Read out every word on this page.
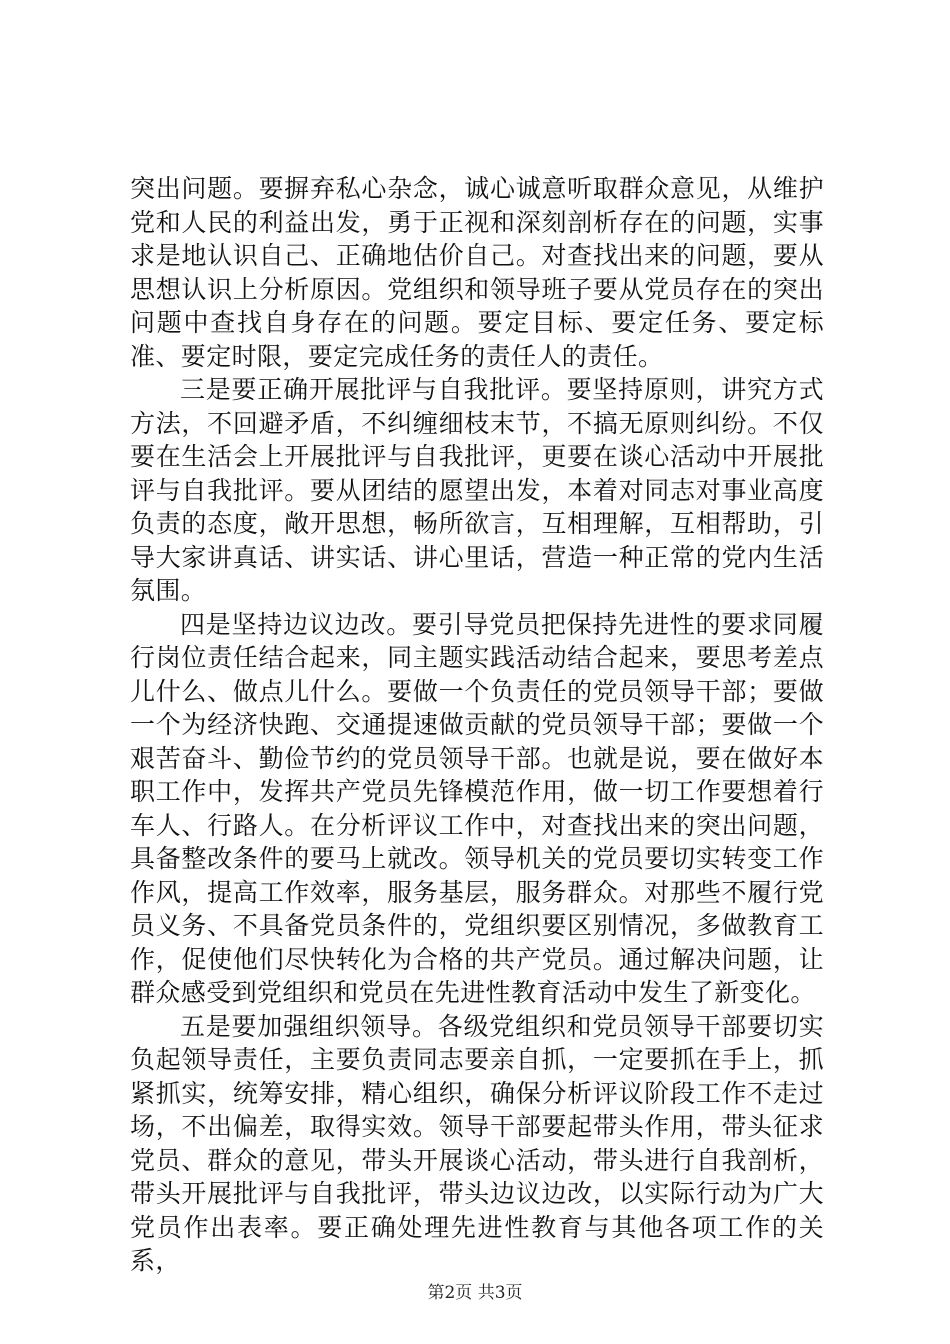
突出问题。要摒弃私心杂念，诚心诚意听取群众意见，从维护党和人民的利益出发，勇于正视和深刻剖析存在的问题，实事求是地认识自己、正确地估价自己。对查找出来的问题，要从思想认识上分析原因。党组织和领导班子要从党员存在的突出问题中查找自身存在的问题。要定目标、要定任务、要定标准、要定时限，要定完成任务的责任人的责任。

三是要正确开展批评与自我批评。要坚持原则，讲究方式方法，不回避矛盾，不纠缠细枝末节，不搞无原则纠纷。不仅要在生活会上开展批评与自我批评，更要在谈心活动中开展批评与自我批评。要从团结的愿望出发，本着对同志对事业高度负责的态度，敞开思想，畅所欲言，互相理解，互相帮助，引导大家讲真话、讲实话、讲心里话，营造一种正常的党内生活氛围。

四是坚持边议边改。要引导党员把保持先进性的要求同履行岗位责任结合起来，同主题实践活动结合起来，要思考差点儿什么、做点儿什么。要做一个负责任的党员领导干部；要做一个为经济快跑、交通提速做贡献的党员领导干部；要做一个艰苦奋斗、勤俭节约的党员领导干部。也就是说，要在做好本职工作中，发挥共产党员先锋模范作用，做一切工作要想着行车人、行路人。在分析评议工作中，对查找出来的突出问题，具备整改条件的要马上就改。领导机关的党员要切实转变工作作风，提高工作效率，服务基层，服务群众。对那些不履行党员义务、不具备党员条件的，党组织要区别情况，多做教育工作，促使他们尽快转化为合格的共产党员。通过解决问题，让群众感受到党组织和党员在先进性教育活动中发生了新变化。

五是要加强组织领导。各级党组织和党员领导干部要切实负起领导责任，主要负责同志要亲自抓，一定要抓在手上，抓紧抓实，统筹安排，精心组织，确保分析评议阶段工作不走过场，不出偏差，取得实效。领导干部要起带头作用，带头征求党员、群众的意见，带头开展谈心活动，带头进行自我剖析，带头开展批评与自我批评，带头边议边改，以实际行动为广大党员作出表率。要正确处理先进性教育与其他各项工作的关系，

第2页 共3页
